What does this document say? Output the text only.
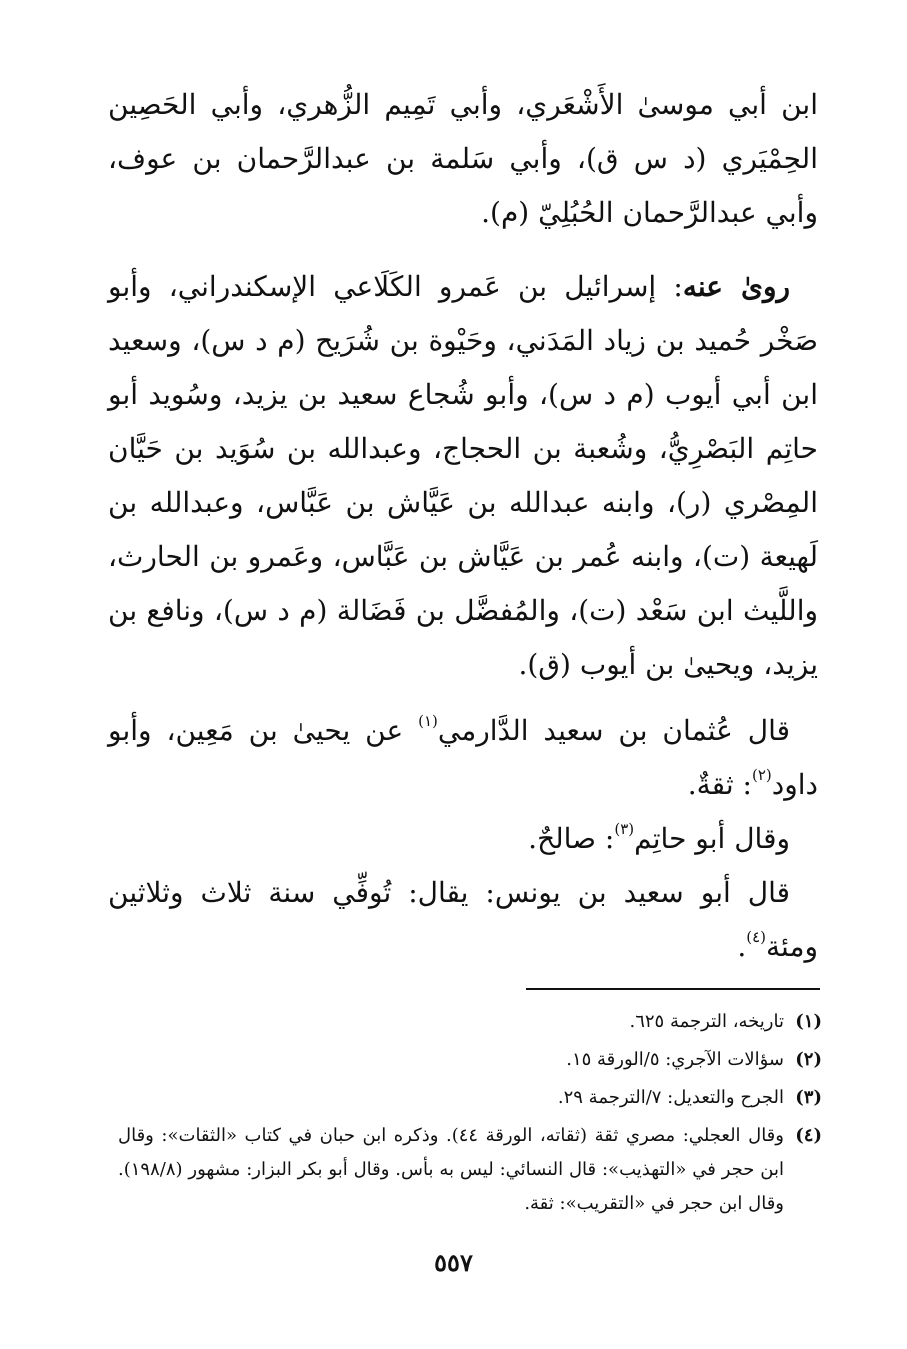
ابن أبي موسىٰ الأَشْعَري، وأبي تَمِيم الزُّهري، وأبي الحَصِين الحِمْيَري (د س ق)، وأبي سَلمة بن عبدالرَّحمان بن عوف، وأبي عبدالرَّحمان الحُبُلِيّ (م).

روىٰ عنه: إسرائيل بن عَمرو الكَلَاعي الإسكندراني، وأبو صَخْر حُميد بن زياد المَدَني، وحَيْوة بن شُرَيح (م د س)، وسعيد ابن أبي أيوب (م د س)، وأبو شُجاع سعيد بن يزيد، وسُويد أبو حاتِم البَصْرِيُّ، وشُعبة بن الحجاج، وعبدالله بن سُوَيد بن حَيَّان المِصْري (ر)، وابنه عبدالله بن عَيَّاش بن عَبَّاس، وعبدالله بن لَهيعة (ت)، وابنه عُمر بن عَيَّاش بن عَبَّاس، وعَمرو بن الحارث، واللَّيث ابن سَعْد (ت)، والمُفضَّل بن فَضَالة (م د س)، ونافع بن يزيد، ويحيىٰ بن أيوب (ق).

قال عُثمان بن سعيد الدَّارمي$^{(١)}$ عن يحيىٰ بن مَعِين، وأبو داود$^{(٢)}$: ثقةٌ.

وقال أبو حاتِم$^{(٣)}$: صالحٌ.

قال أبو سعيد بن يونس: يقال: تُوفِّي سنة ثلاث وثلاثين ومئة$^{(٤)}$.

(١)
تاريخه، الترجمة ٦٢٥.
(٢)
سؤالات الآجري: ٥/الورقة ١٥.
(٣)
الجرح والتعديل: ٧/الترجمة ٢٩.
(٤)
وقال العجلي: مصري ثقة (ثقاته، الورقة ٤٤). وذكره ابن حبان في كتاب «الثقات»: وقال ابن حجر في «التهذيب»: قال النسائي: ليس به بأس. وقال أبو بكر البزار: مشهور (١٩٨/٨). وقال ابن حجر في «التقريب»: ثقة.
٥٥٧
